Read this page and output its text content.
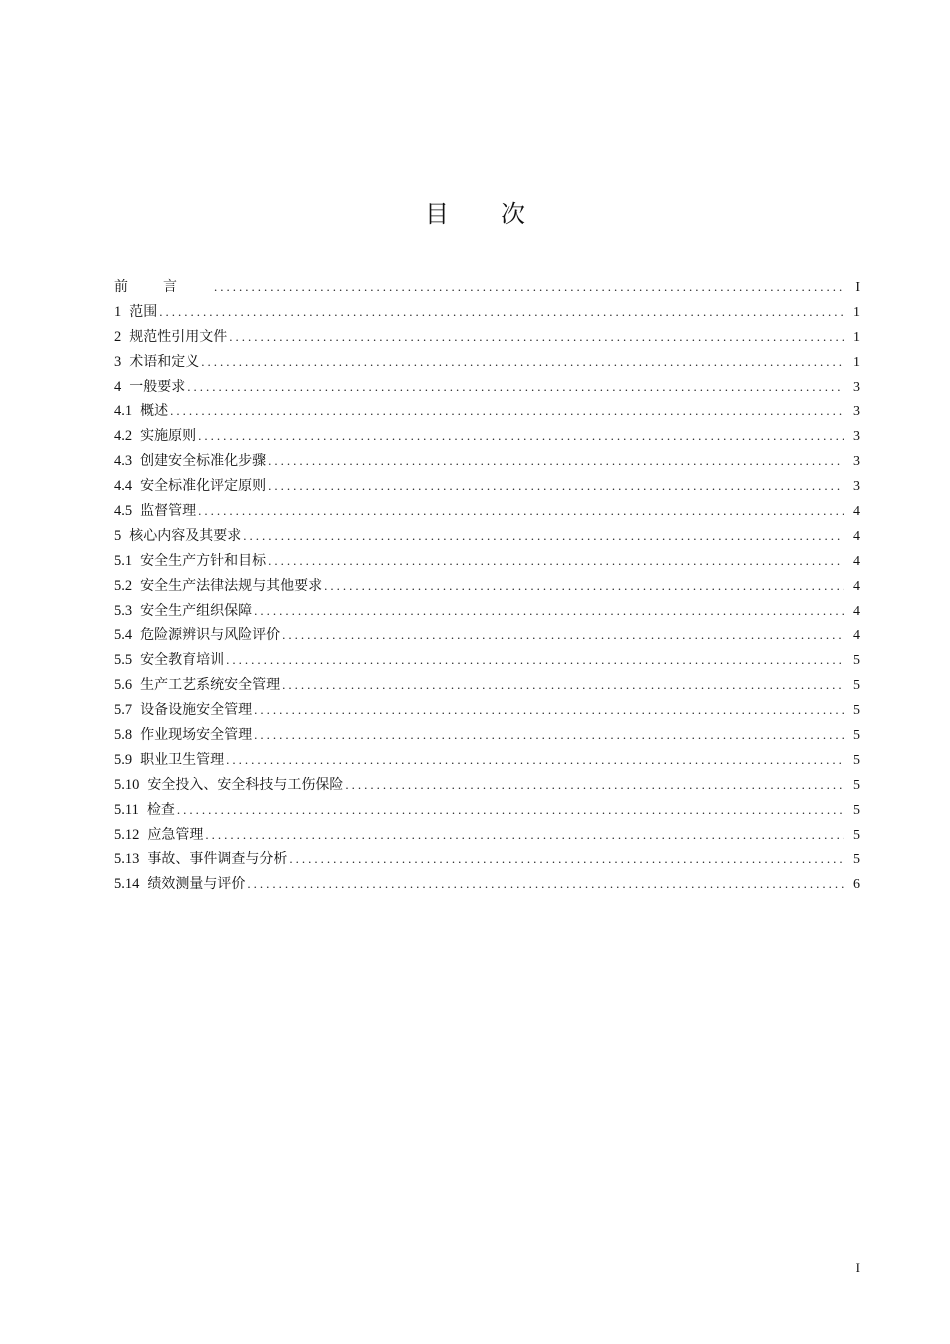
目 次
前言 .....	I
1 范围 .....	1
2 规范性引用文件 .....	1
3 术语和定义 .....	1
4 一般要求 .....	3
4.1 概述 .....	3
4.2 实施原则 .....	3
4.3 创建安全标准化步骤 .....	3
4.4 安全标准化评定原则 .....	3
4.5 监督管理 .....	4
5 核心内容及其要求 .....	4
5.1 安全生产方针和目标 .....	4
5.2 安全生产法律法规与其他要求 .....	4
5.3 安全生产组织保障 .....	4
5.4 危险源辨识与风险评价 .....	4
5.5 安全教育培训 .....	5
5.6 生产工艺系统安全管理 .....	5
5.7 设备设施安全管理 .....	5
5.8 作业现场安全管理 .....	5
5.9 职业卫生管理 .....	5
5.10 安全投入、安全科技与工伤保险 .....	5
5.11 检查 .....	5
5.12 应急管理 .....	5
5.13 事故、事件调查与分析 .....	5
5.14 绩效测量与评价 .....	6
I
